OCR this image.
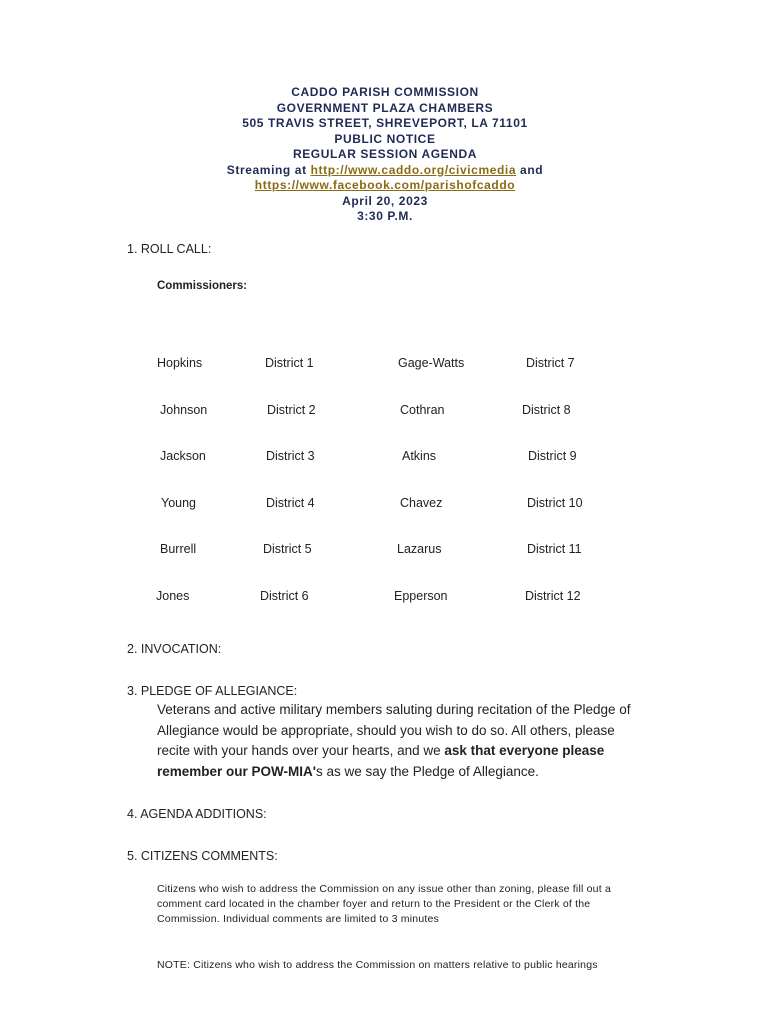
CADDO PARISH COMMISSION
GOVERNMENT PLAZA CHAMBERS
505 TRAVIS STREET, SHREVEPORT, LA 71101
PUBLIC NOTICE
REGULAR SESSION AGENDA
Streaming at http://www.caddo.org/civicmedia and
https://www.facebook.com/parishofcaddo
April 20, 2023
3:30 P.M.
1. ROLL CALL:
Commissioners:
Hopkins	District 1	Gage-Watts	District 7
Johnson	District 2	Cothran	District 8
Jackson	District 3	Atkins	District 9
Young	District 4	Chavez	District 10
Burrell	District 5	Lazarus	District 11
Jones	District 6	Epperson	District 12
2. INVOCATION:
3. PLEDGE OF ALLEGIANCE:
Veterans and active military members saluting during recitation of the Pledge of Allegiance would be appropriate, should you wish to do so. All others, please recite with your hands over your hearts, and we ask that everyone please remember our POW-MIA's as we say the Pledge of Allegiance.
4. AGENDA ADDITIONS:
5. CITIZENS COMMENTS:
Citizens who wish to address the Commission on any issue other than zoning, please fill out a comment card located in the chamber foyer and return to the President or the Clerk of the Commission. Individual comments are limited to 3 minutes
NOTE: Citizens who wish to address the Commission on matters relative to public hearings
